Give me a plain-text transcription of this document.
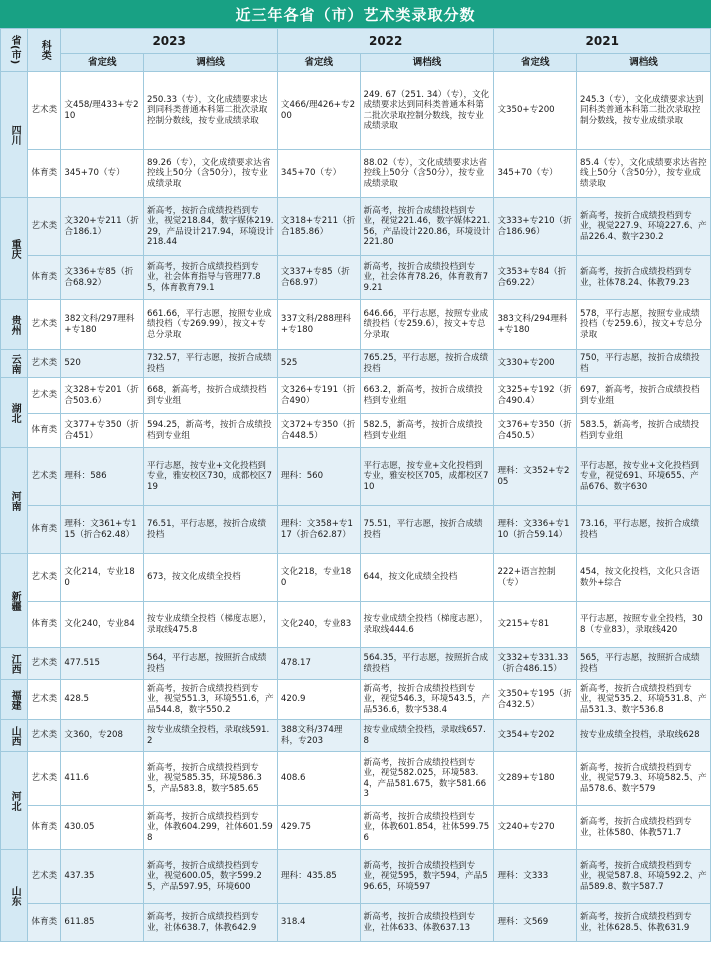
近三年各省（市）艺术类录取分数
省(市)	科类	2023		2022		2021	
		省定线	调档线	省定线	调档线	省定线	调档线
四川	艺术类	文458/理433+专210	250.33（专），文化成绩要求达到同科类普通本科第二批次录取控制分数线，按专业成绩录取	文466/理426+专200	249. 67（251. 34）（专），文化成绩要求达到同科类普通本科第二批次录取控制分数线，按专业成绩录取	文350+专200	245.3（专），文化成绩要求达到同科类普通本科第二批次录取控制分数线，按专业成绩录取
	体育类	345+70（专）	89.26（专），文化成绩要求达省控线上50分（含50分），按专业成绩录取	345+70（专）	88.02（专），文化成绩要求达省控线上50分（含50分），按专业成绩录取	345+70（专）	85.4（专），文化成绩要求达省控线上50分（含50分），按专业成绩录取
重庆	艺术类	文320+专211（折合186.1）	新高考，按折合成绩投档到专业，视觉218.84，数字媒体219.29，产品设计217.94，环境设计218.44	文318+专211（折合185.86）	新高考，按折合成绩投档到专业，视觉221.46，数字媒体221.56，产品设计220.86，环境设计221.80	文333+专210（折合186.96）	新高考，按折合成绩投档到专业，视觉227.9、环境227.6、产品226.4、数字230.2
	体育类	文336+专85（折合68.92）	新高考，按折合成绩投档到专业，社会体育指导与管理77.85，体育教育79.1	文337+专85（折合68.97）	新高考，按折合成绩投档到专业，社会体育78.26，体育教育79.21	文353+专84（折合69.22）	新高考，按折合成绩投档到专业，社体78.24、体教79.23
贵州	艺术类	382文科/297理科+专180	661.66，平行志愿，按照专业成绩投档（专269.99），按文+专总分录取	337文科/288理科+专180	646.66，平行志愿，按照专业成绩投档（专259.6），按文+专总分录取	383文科/294理科+专180	578，平行志愿，按照专业成绩投档（专259.6），按文+专总分录取
云南	艺术类	520	732.57，平行志愿，按折合成绩投档	525	765.25，平行志愿，按折合成绩投档	文330+专200	750，平行志愿，按折合成绩投档
湖北	艺术类	文328+专201（折合503.6）	668，新高考，按折合成绩投档到专业组	文326+专191（折合490）	663.2，新高考，按折合成绩投档到专业组	文325+专192（折合490.4）	697，新高考，按折合成绩投档到专业组
	体育类	文377+专350（折合451）	594.25，新高考，按折合成绩投档到专业组	文372+专350（折合448.5）	582.5，新高考，按折合成绩投档到专业组	文376+专350（折合450.5）	583.5，新高考，按折合成绩投档到专业组
河南	艺术类	理科：586	平行志愿，按专业+文化投档到专业，雅安校区730，成都校区719	理科：560	平行志愿，按专业+文化投档到专业，雅安校区705，成都校区710	理科：文352+专205	平行志愿，按专业+文化投档到专业，视觉691、环境655、产品676、数字630
	体育类	理科：文361+专115（折合62.48）	76.51，平行志愿，按折合成绩投档	理科：文358+专117（折合62.87）	75.51，平行志愿，按折合成绩投档	理科：文336+专110（折合59.14）	73.16，平行志愿，按折合成绩投档
新疆	艺术类	文化214，专业180	673，按文化成绩全投档	文化218，专业180	644，按文化成绩全投档	222+语言控制（专）	454，按文化投档，文化只含语数外+综合
	体育类	文化240，专业84	按专业成绩全投档（梯度志愿），录取线475.8	文化240，专业83	按专业成绩全投档（梯度志愿），录取线444.6	文215+专81	平行志愿，按照专业全投档，308（专业83），录取线420
江西	艺术类	477.515	564，平行志愿，按照折合成绩投档	478.17	564.35，平行志愿，按照折合成绩投档	文332+专331.33（折合486.15）	565，平行志愿，按照折合成绩投档
福建	艺术类	428.5	新高考，按折合成绩投档到专业，视觉551.3，环境551.6，产品544.8，数字550.2	420.9	新高考，按折合成绩投档到专业，视觉546.3，环境543.5，产品536.6，数字538.4	文350+专195（折合432.5）	新高考，按折合成绩投档到专业，视觉535.2、环境531.8、产品531.3、数字536.8
山西	艺术类	文360，专208	按专业成绩全投档，录取线591.2	388文科/374理科，专203	按专业成绩全投档，录取线657.8	文354+专202	按专业成绩全投档，录取线628
河北	艺术类	411.6	新高考，按折合成绩投档到专业，视觉585.35，环境586.35，产品583.8，数字585.65	408.6	新高考，按折合成绩投档到专业，视觉582.025，环境583.4，产品581.675，数字581.663	文289+专180	新高考，按折合成绩投档到专业，视觉579.3、环境582.5、产品578.6、数字579
	体育类	430.05	新高考，按折合成绩投档到专业，体教604.299，社体601.598	429.75	新高考，按折合成绩投档到专业，体教601.854，社体599.756	文240+专270	新高考，按折合成绩投档到专业，社体580、体教571.7
山东	艺术类	437.35	新高考，按折合成绩投档到专业，视觉600.05，数字599.25，产品597.95，环境600	理科：435.85	新高考，按折合成绩投档到专业，视觉595，数字594，产品596.65，环境597	理科：文333	新高考，按折合成绩投档到专业，视觉587.8、环境592.2、产品589.8、数字587.7
	体育类	611.85	新高考，按折合成绩投档到专业，社体638.7，体教642.9	318.4	新高考，按折合成绩投档到专业，社体633、体教637.13	理科：文569	新高考，按折合成绩投档到专业，社体628.5、体教631.9
